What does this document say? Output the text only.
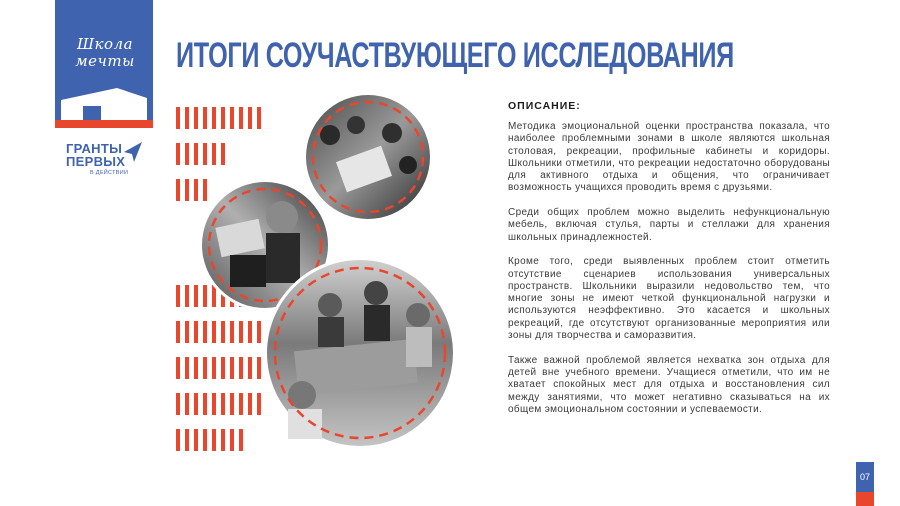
Школа
мечты
ГРАНТЫ
ПЕРВЫХ
В ДЕЙСТВИИ
ИТОГИ СОУЧАСТВУЮЩЕГО ИССЛЕДОВАНИЯ
ОПИСАНИЕ:

Методика эмоциональной оценки пространства показала, что наиболее проблемными зонами в школе являются школьная столовая, рекреации, профильные кабинеты и коридоры. Школьники отметили, что рекреации недостаточно оборудованы для активного отдыха и общения, что ограничивает возможность учащихся проводить время с друзьями.

Среди общих проблем можно выделить нефункциональную мебель, включая стулья, парты и стеллажи для хранения школьных принадлежностей.

Кроме того, среди выявленных проблем стоит отметить отсутствие сценариев использования универсальных пространств. Школьники выразили недовольство тем, что многие зоны не имеют четкой функциональной нагрузки и используются неэффективно. Это касается и школьных рекреаций, где отсутствуют организованные мероприятия или зоны для творчества и саморазвития.

Также важной проблемой является нехватка зон отдыха для детей вне учебного времени. Учащиеся отметили, что им не хватает спокойных мест для отдыха и восстановления сил между занятиями, что может негативно сказываться на их общем эмоциональном состоянии и успеваемости.

07
